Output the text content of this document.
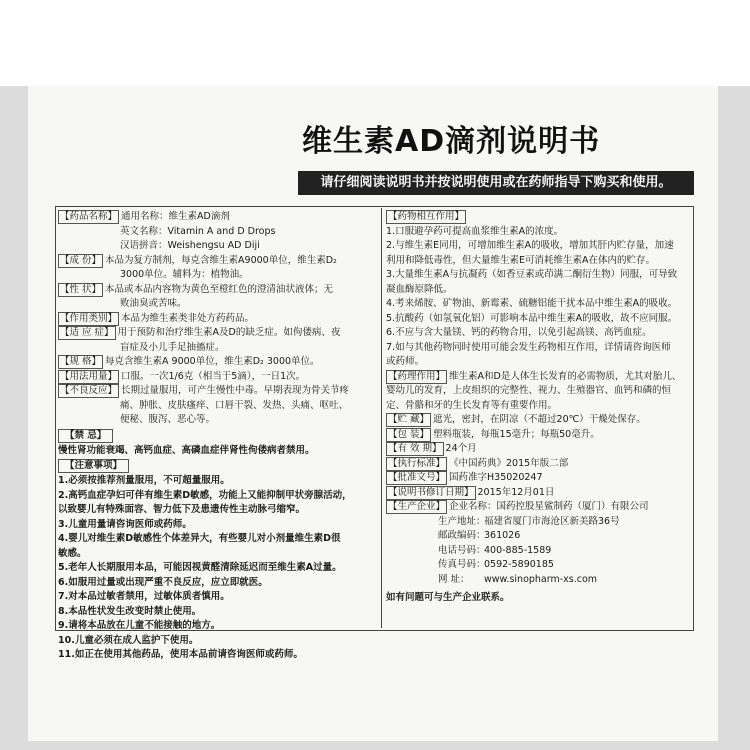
维生素AD滴剂说明书
请仔细阅读说明书并按说明使用或在药师指导下购买和使用。
【药品名称】 通用名称：维生素AD滴剂
英文名称：Vitamin A and D Drops
汉语拼音：Weishengsu AD Diji
【成 份】 本品为复方制剂，每克含维生素A9000单位，维生素D₂
3000单位。辅料为：植物油。
【性 状】 本品或本品内容物为黄色至橙红色的澄清油状液体；无
败油臭或苦味。
【作用类别】 本品为维生素类非处方药药品。
【适 应 症】 用于预防和治疗维生素A及D的缺乏症。如佝偻病、夜
盲症及小儿手足抽搐症。
【规 格】 每克含维生素A 9000单位，维生素D₂ 3000单位。
【用法用量】 口服。一次1/6克（相当于5滴），一日1次。
【不良反应】 长期过量服用，可产生慢性中毒。早期表现为骨关节疼
痛、肿胀、皮肤瘙痒、口唇干裂、发热、头痛、呕吐、
便秘、腹泻、恶心等。
【禁 忌】
慢性肾功能衰竭、高钙血症、高磷血症伴肾性佝偻病者禁用。
【注意事项】
1.必须按推荐剂量服用，不可超量服用。
2.高钙血症孕妇可伴有维生素D敏感，功能上又能抑制甲状旁腺活动，
以致婴儿有特殊面容、智力低下及患遗传性主动脉弓缩窄。
3.儿童用量请咨询医师或药师。
4.婴儿对维生素D敏感性个体差异大，有些婴儿对小剂量维生素D很
敏感。
5.老年人长期服用本品，可能因视黄醛清除延迟而至维生素A过量。
6.如服用过量或出现严重不良反应，应立即就医。
7.对本品过敏者禁用，过敏体质者慎用。
8.本品性状发生改变时禁止使用。
9.请将本品放在儿童不能接触的地方。
10.儿童必须在成人监护下使用。
11.如正在使用其他药品，使用本品前请咨询医师或药师。
【药物相互作用】
1.口服避孕药可提高血浆维生素A的浓度。
2.与维生素E同用，可增加维生素A的吸收，增加其肝内贮存量，加速
利用和降低毒性，但大量维生素E可消耗维生素A在体内的贮存。
3.大量维生素A与抗凝药（如香豆素或茚满二酮衍生物）同服，可导致
凝血酶原降低。
4.考来烯胺、矿物油、新霉素、硫糖铝能干扰本品中维生素A的吸收。
5.抗酸药（如氢氧化铝）可影响本品中维生素A的吸收，故不应同服。
6.不应与含大量镁、钙的药物合用，以免引起高镁、高钙血症。
7.如与其他药物同时使用可能会发生药物相互作用，详情请咨询医师
或药师。
【药理作用】 维生素A和D是人体生长发育的必需物质，尤其对胎儿、
婴幼儿的发育，上皮组织的完整性、视力、生殖器官、血钙和磷的恒
定、骨骼和牙的生长发育等有重要作用。
【贮 藏】 遮光，密封，在阴凉（不超过20℃）干燥处保存。
【包 装】 塑料瓶装，每瓶15毫升；每瓶50毫升。
【有 效 期】 24个月
【执行标准】 《中国药典》2015年版二部
【批准文号】 国药准字H35020247
【说明书修订日期】 2015年12月01日
【生产企业】 企业名称：国药控股星鲨制药（厦门）有限公司
生产地址：福建省厦门市海沧区新美路36号
邮政编码：361026
电话号码：400-885-1589
传真号码：0592-5890185
网 址： www.sinopharm-xs.com
如有问题可与生产企业联系。
